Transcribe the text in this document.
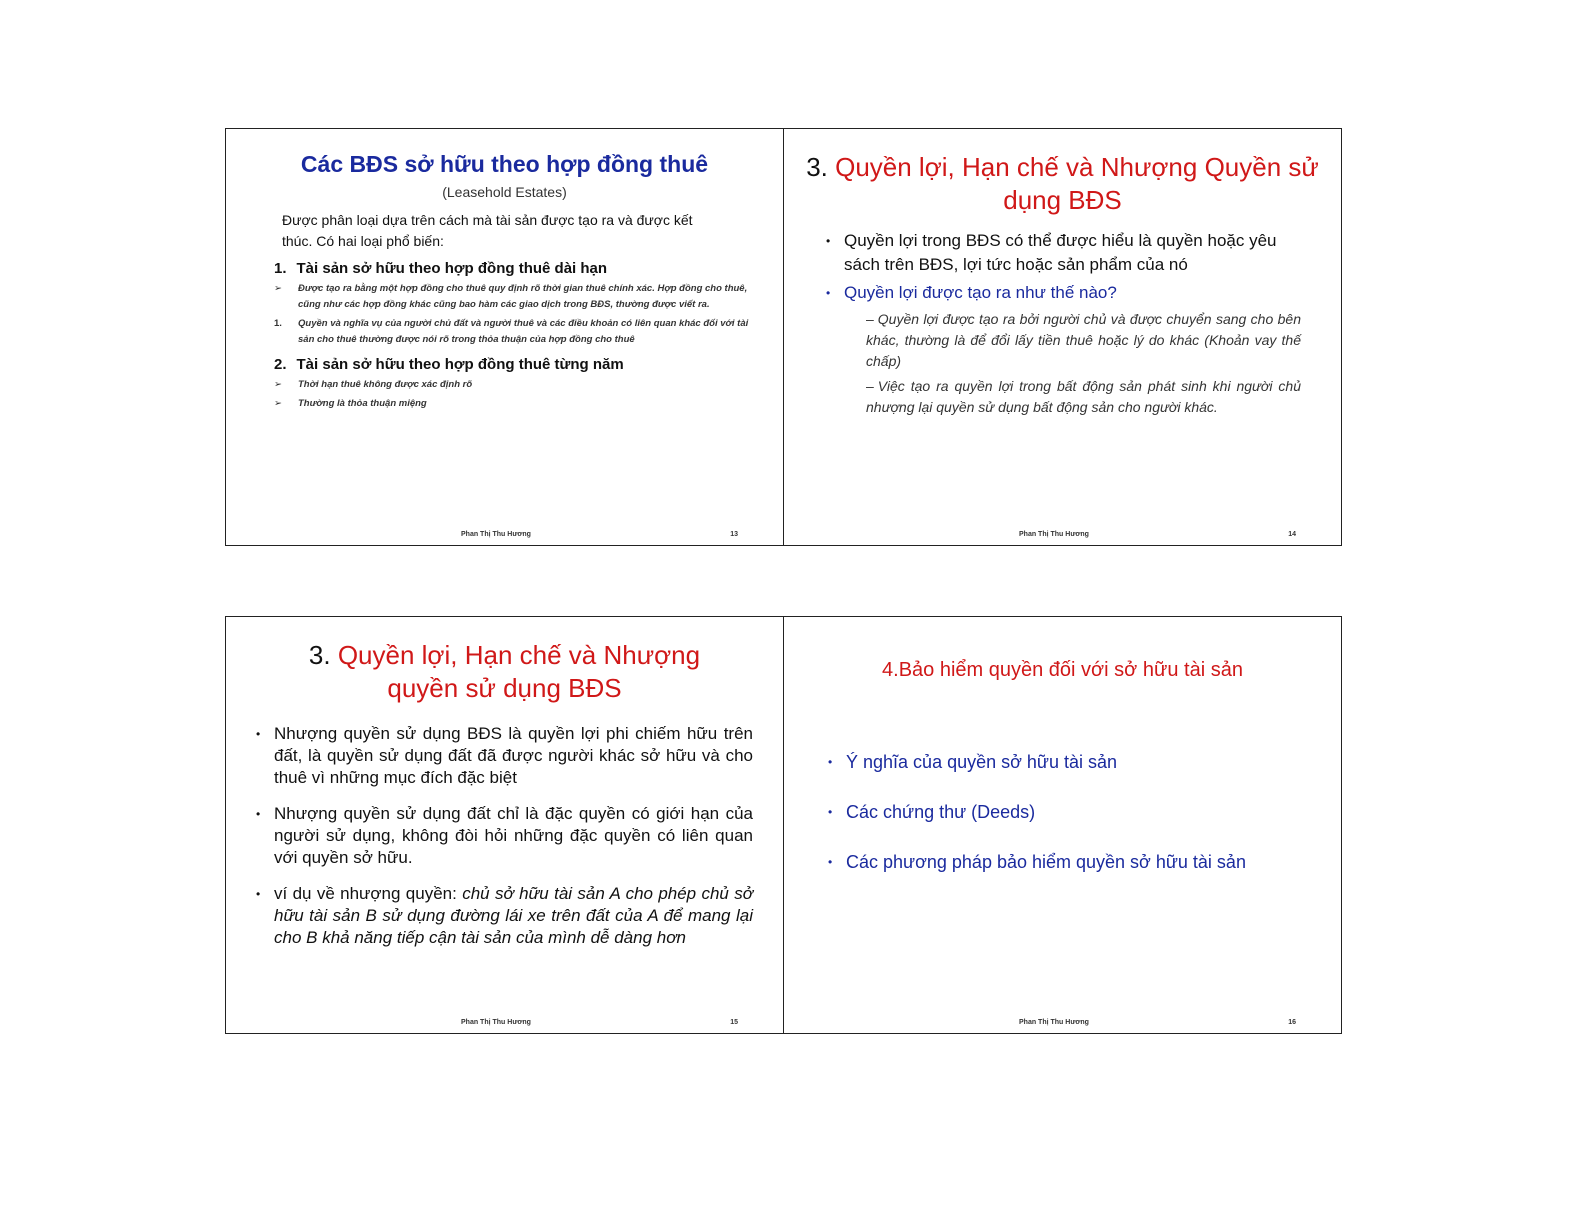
Các BĐS sở hữu theo hợp đồng thuê
(Leasehold Estates)
Được phân loại dựa trên cách mà tài sản được tạo ra và được kết thúc. Có hai loại phổ biến:
1. Tài sản sở hữu theo hợp đồng thuê dài hạn
➢ Được tạo ra bằng một hợp đồng cho thuê quy định rõ thời gian thuê chính xác. Hợp đồng cho thuê, cũng như các hợp đồng khác cũng bao hàm các giao dịch trong BĐS, thường được viết ra.
1. Quyền và nghĩa vụ của người chủ đất và người thuê và các điều khoản có liên quan khác đối với tài sản cho thuê thường được nói rõ trong thỏa thuận của hợp đồng cho thuê
2. Tài sản sở hữu theo hợp đồng thuê từng năm
➢ Thời hạn thuê không được xác định rõ
➢ Thường là thỏa thuận miệng
Phan Thị Thu Hương	13
3. Quyền lợi, Hạn chế và Nhượng Quyền sử dụng BĐS
• Quyền lợi trong BĐS có thể được hiểu là quyền hoặc yêu sách trên BĐS, lợi tức hoặc sản phẩm của nó
• Quyền lợi được tạo ra như thế nào?
– Quyền lợi được tạo ra bởi người chủ và được chuyển sang cho bên khác, thường là để đổi lấy tiền thuê hoặc lý do khác (Khoản vay thế chấp)
– Việc tạo ra quyền lợi trong bất động sản phát sinh khi người chủ nhượng lại quyền sử dụng bất động sản cho người khác.
Phan Thị Thu Hương	14
3. Quyền lợi, Hạn chế và Nhượng quyền sử dụng BĐS
• Nhượng quyền sử dụng BĐS là quyền lợi phi chiếm hữu trên đất, là quyền sử dụng đất đã được người khác sở hữu và cho thuê vì những mục đích đặc biệt
• Nhượng quyền sử dụng đất chỉ là đặc quyền có giới hạn của người sử dụng, không đòi hỏi những đặc quyền có liên quan với quyền sở hữu.
• ví dụ về nhượng quyền: chủ sở hữu tài sản A cho phép chủ sở hữu tài sản B sử dụng đường lái xe trên đất của A để mang lại cho B khả năng tiếp cận tài sản của mình dễ dàng hơn
Phan Thị Thu Hương	15
4.Bảo hiểm quyền đối với sở hữu tài sản
• Ý nghĩa của quyền sở hữu tài sản
• Các chứng thư (Deeds)
• Các phương pháp bảo hiểm quyền sở hữu tài sản
Phan Thị Thu Hương	16
